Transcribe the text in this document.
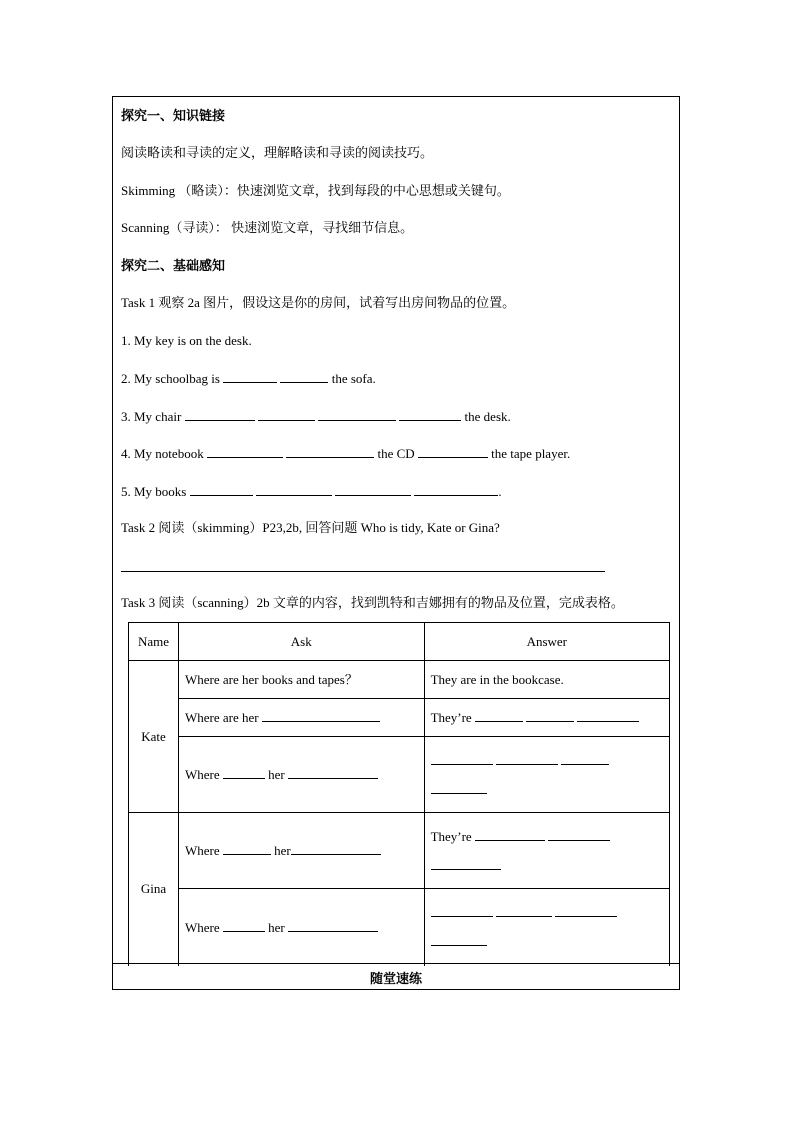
探究一、知识链接
阅读略读和寻读的定义，理解略读和寻读的阅读技巧。
Skimming （略读）：快速浏览文章，找到每段的中心思想或关键句。
Scanning（寻读）： 快速浏览文章，寻找细节信息。
探究二、基础感知
Task 1 观察 2a 图片，假设这是你的房间，试着写出房间物品的位置。
1. My key is on the desk.
2. My schoolbag is	the sofa.
3. My chair	the desk.
4. My notebook	the CD	the tape player.
5. My books	.
Task 2 阅读（skimming）P23,2b, 回答问题 Who is tidy, Kate or Gina?
Task 3 阅读（scanning）2b 文章的内容，找到凯特和吉娜拥有的物品及位置，完成表格。
Name	Ask	Answer
Kate	Where are her books and tapes？	They are in the bookcase.
	Where are her	They’re
	Where her	

Gina	Where her	They’re

	Where her	

随堂速练
